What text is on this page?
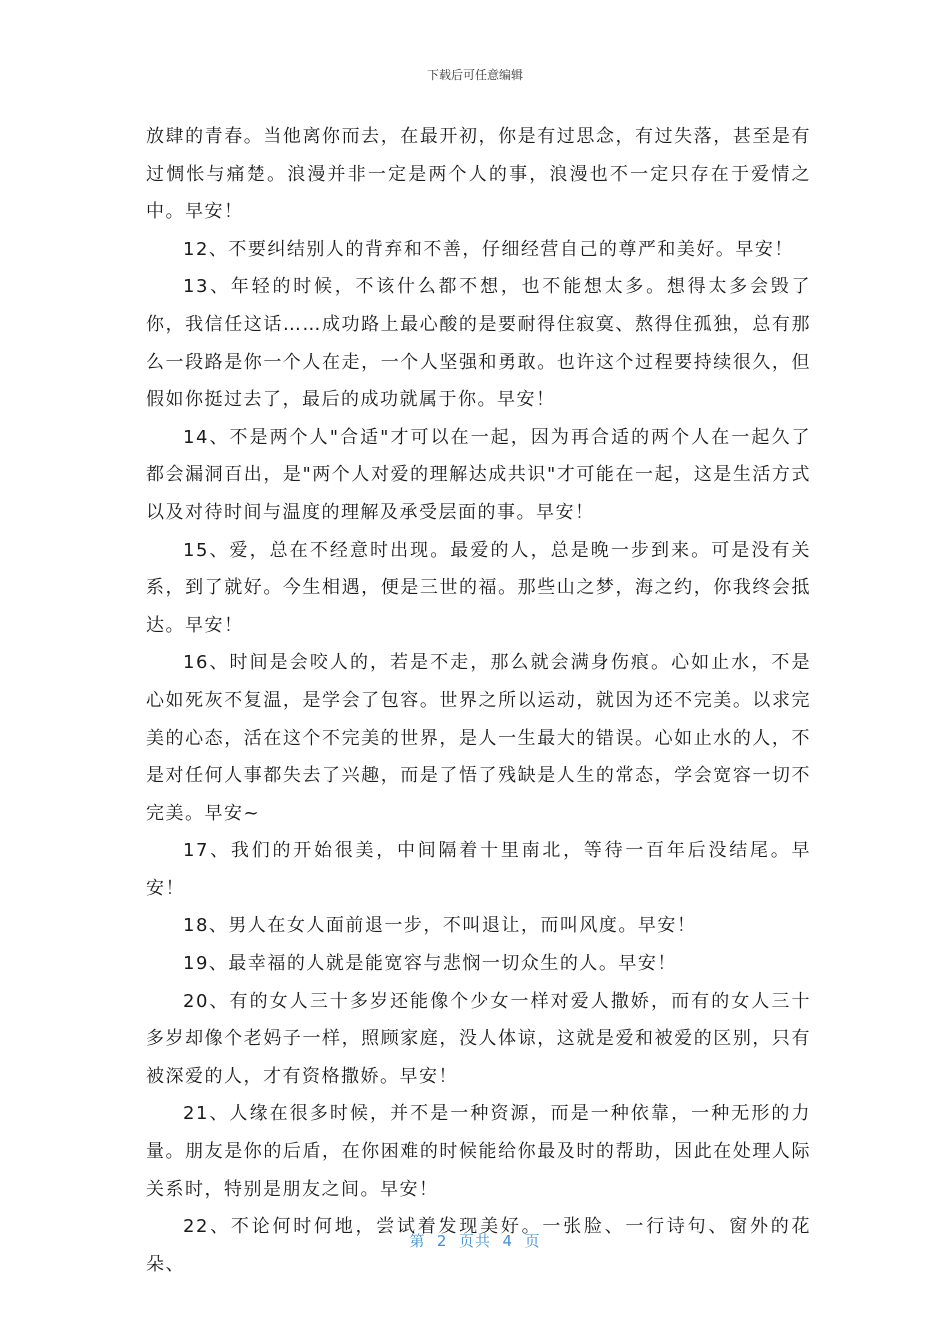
下载后可任意编辑

放肆的青春。当他离你而去，在最开初，你是有过思念，有过失落，甚至是有过惆怅与痛楚。浪漫并非一定是两个人的事，浪漫也不一定只存在于爱情之中。早安！

12、不要纠结别人的背弃和不善，仔细经营自己的尊严和美好。早安！

13、年轻的时候，不该什么都不想，也不能想太多。想得太多会毁了你，我信任这话……成功路上最心酸的是要耐得住寂寞、熬得住孤独，总有那么一段路是你一个人在走，一个人坚强和勇敢。也许这个过程要持续很久，但假如你挺过去了，最后的成功就属于你。早安！

14、不是两个人"合适"才可以在一起，因为再合适的两个人在一起久了都会漏洞百出，是"两个人对爱的理解达成共识"才可能在一起，这是生活方式以及对待时间与温度的理解及承受层面的事。早安！

15、爱，总在不经意时出现。最爱的人，总是晚一步到来。可是没有关系，到了就好。今生相遇，便是三世的福。那些山之梦，海之约，你我终会抵达。早安！

16、时间是会咬人的，若是不走，那么就会满身伤痕。心如止水，不是心如死灰不复温，是学会了包容。世界之所以运动，就因为还不完美。以求完美的心态，活在这个不完美的世界，是人一生最大的错误。心如止水的人，不是对任何人事都失去了兴趣，而是了悟了残缺是人生的常态，学会宽容一切不完美。早安~

17、我们的开始很美，中间隔着十里南北，等待一百年后没结尾。早安！

18、男人在女人面前退一步，不叫退让，而叫风度。早安！

19、最幸福的人就是能宽容与悲悯一切众生的人。早安！

20、有的女人三十多岁还能像个少女一样对爱人撒娇，而有的女人三十多岁却像个老妈子一样，照顾家庭，没人体谅，这就是爱和被爱的区别，只有被深爱的人，才有资格撒娇。早安！

21、人缘在很多时候，并不是一种资源，而是一种依靠，一种无形的力量。朋友是你的后盾，在你困难的时候能给你最及时的帮助，因此在处理人际关系时，特别是朋友之间。早安！

22、不论何时何地，尝试着发现美好。一张脸、一行诗句、窗外的花朵、

第  2  页共  4  页
